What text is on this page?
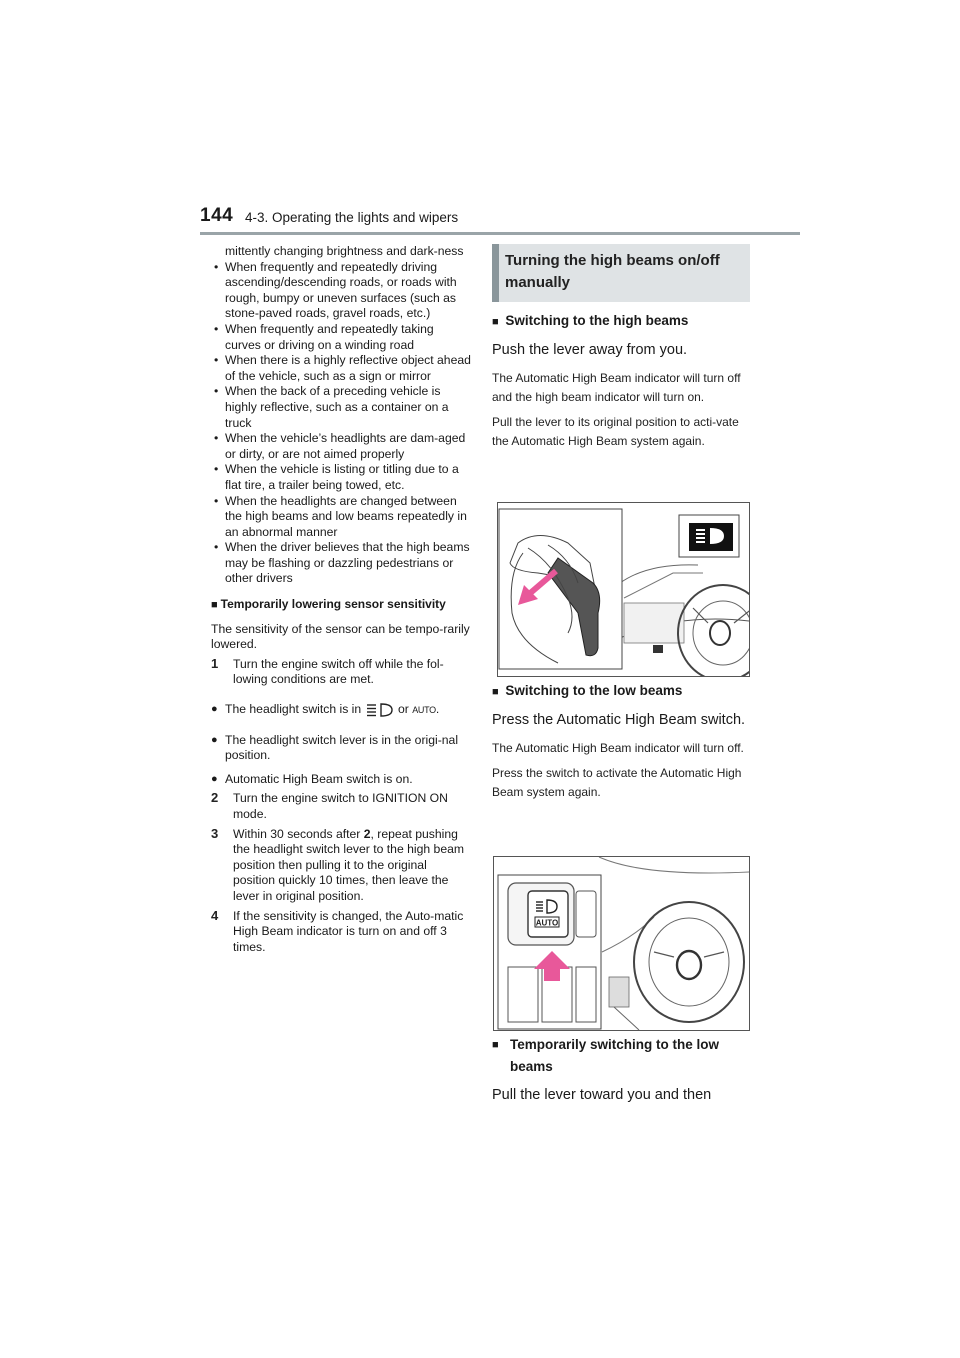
144 4-3. Operating the lights and wipers

mittently changing brightness and dark-ness

• When frequently and repeatedly driving ascending/descending roads, or roads with rough, bumpy or uneven surfaces (such as stone-paved roads, gravel roads, etc.)

• When frequently and repeatedly taking curves or driving on a winding road

• When there is a highly reflective object ahead of the vehicle, such as a sign or mirror

• When the back of a preceding vehicle is highly reflective, such as a container on a truck

• When the vehicle’s headlights are dam-aged or dirty, or are not aimed properly

• When the vehicle is listing or titling due to a flat tire, a trailer being towed, etc.

• When the headlights are changed between the high beams and low beams repeatedly in an abnormal manner

• When the driver believes that the high beams may be flashing or dazzling pedestrians or other drivers

■ Temporarily lowering sensor sensitivity

The sensitivity of the sensor can be tempo-rarily lowered.

1 Turn the engine switch off while the fol-lowing conditions are met.

● The headlight switch is in	or AUTO.

● The headlight switch lever is in the origi-nal position.

● Automatic High Beam switch is on.

2 Turn the engine switch to IGNITION ON mode.

3 Within 30 seconds after 2, repeat pushing the headlight switch lever to the high beam position then pulling it to the original position quickly 10 times, then leave the lever in original position.

4 If the sensitivity is changed, the Auto-matic High Beam indicator is turn on and off 3 times.

Turning the high beams on/off manually
■ Switching to the high beams
Push the lever away from you.
The Automatic High Beam indicator will turn off and the high beam indicator will turn on.
Pull the lever to its original position to acti-vate the Automatic High Beam system again.
■ Switching to the low beams
Press the Automatic High Beam switch.
The Automatic High Beam indicator will turn off.
Press the switch to activate the Automatic High Beam system again.
AUTO
■ Temporarily switching to the low beams
Pull the lever toward you and then
